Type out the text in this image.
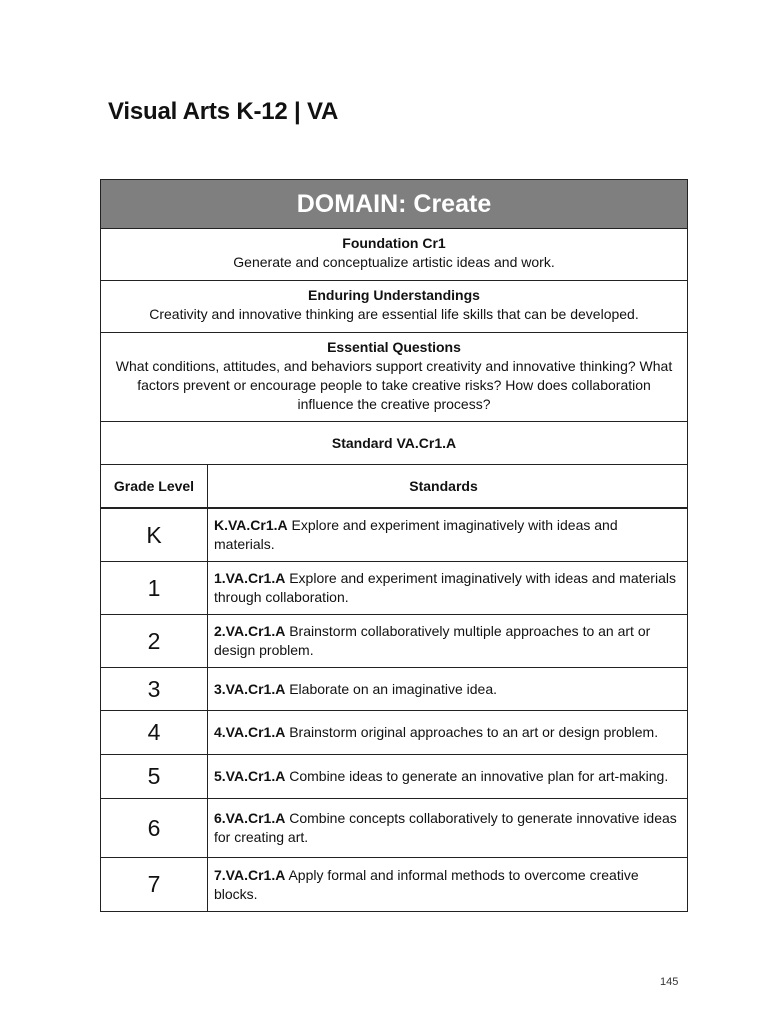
Visual Arts K-12 | VA
DOMAIN: Create
Foundation Cr1
Generate and conceptualize artistic ideas and work.
Enduring Understandings
Creativity and innovative thinking are essential life skills that can be developed.
Essential Questions
What conditions, attitudes, and behaviors support creativity and innovative thinking? What factors prevent or encourage people to take creative risks? How does collaboration influence the creative process?
Standard VA.Cr1.A
Grade Level	Standards
K	K.VA.Cr1.A Explore and experiment imaginatively with ideas and materials.
1	1.VA.Cr1.A Explore and experiment imaginatively with ideas and materials through collaboration.
2	2.VA.Cr1.A Brainstorm collaboratively multiple approaches to an art or design problem.
3	3.VA.Cr1.A Elaborate on an imaginative idea.
4	4.VA.Cr1.A Brainstorm original approaches to an art or design problem.
5	5.VA.Cr1.A Combine ideas to generate an innovative plan for art-making.
6	6.VA.Cr1.A Combine concepts collaboratively to generate innovative ideas for creating art.
7	7.VA.Cr1.A Apply formal and informal methods to overcome creative blocks.
145
